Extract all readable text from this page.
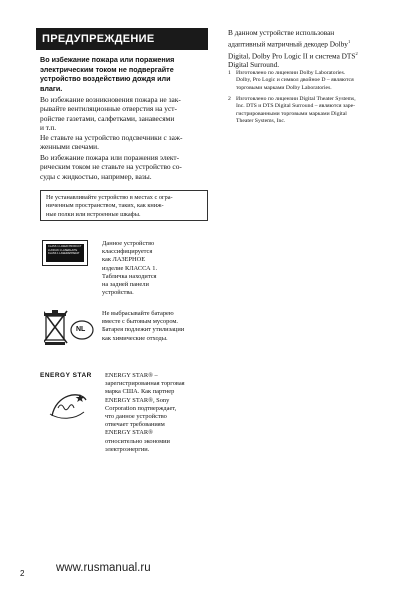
ПРЕДУПРЕЖДЕНИЕ
Во избежание пожара или поражения
электрическим током не подвергайте
устройство воздействию дождя или
влаги.
Во избежание возникновения пожара не зак-
рывайте вентиляционные отверстия на уст-
ройстве газетами, салфетками, занавесями
и т.п.
Не ставьте на устройство подсвечники с заж-
женными свечами.
Во избежание пожара или поражения элект-
рическим током не ставьте на устройство со-
суды с жидкостью, например, вазы.
Не устанавливайте устройство в местах с огра-
ниченным пространством, таких, как книж-
ные полки или встроенные шкафы.
CLASS 1 LASER PRODUCT
LUOKAN 1 LASERLAITE
KLASS 1 LASERAPPARAT
Данное устройство
классифицируется
как ЛАЗЕРНОЕ
изделие КЛАССА 1.
Табличка находится
на задней панели
устройства.
NL
Не выбрасывайте батарею
вместе с бытовым мусором.
Батарея подлежит утилизации
как химические отходы.
ENERGY STAR	ENERGY STAR® –
зарегистрированная торговая
марка США. Как партнер
ENERGY STAR®, Sony
Corporation подтверждает,
что данное устройство
отвечает требованиям
ENERGY STAR®
относительно экономии
электроэнергии.
В данном устройстве использован
адаптивный матричный декодер Dolby$^1$
Digital, Dolby Pro Logic II и система DTS$^2$
Digital Surround.
1 Изготовлено по лицензии Dolby Laboratories.
Dolby, Pro Logic и символ двойное D – являются
торговыми марками Dolby Laboratories.
2 Изготовлено по лицензии Digital Theater Systems,
Inc. DTS и DTS Digital Surround – являются заре-
гистрированными торговыми марками Digital
Theater Systems, Inc.
2	www.rusmanual.ru
